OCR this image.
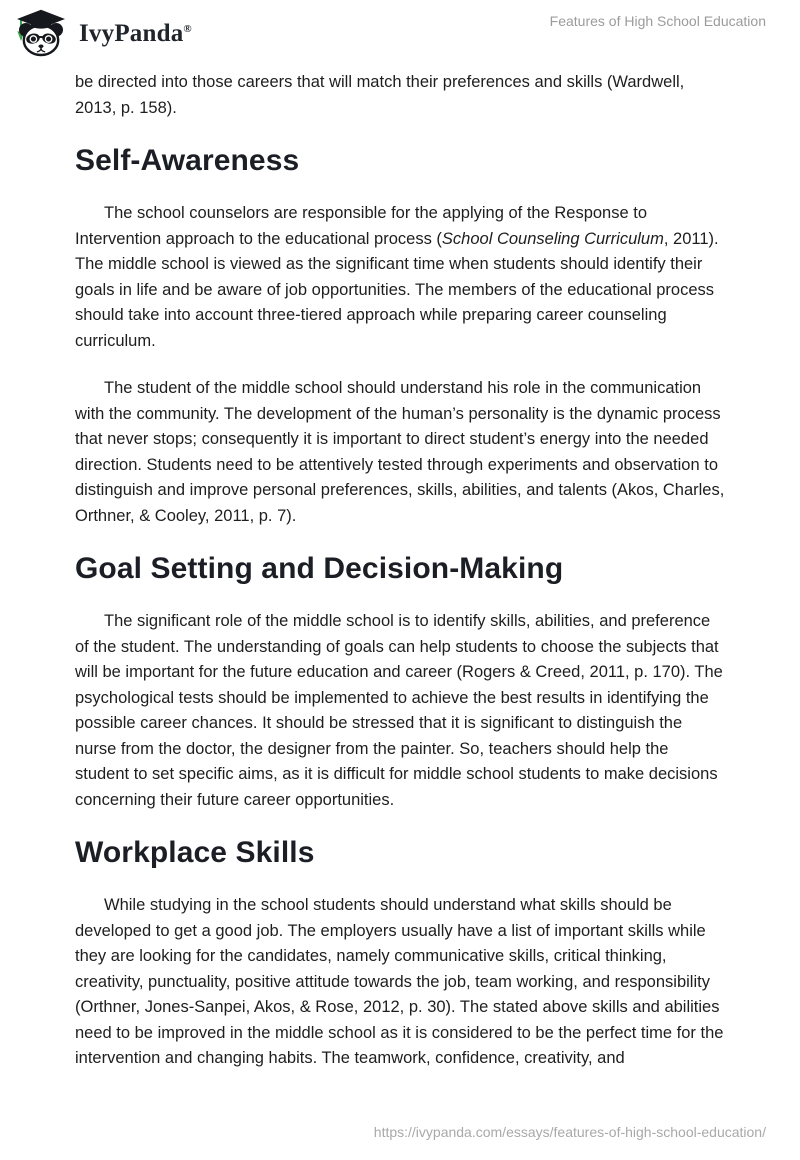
IvyPanda®	Features of High School Education

be directed into those careers that will match their preferences and skills (Wardwell, 2013, p. 158).

Self-Awareness

The school counselors are responsible for the applying of the Response to Intervention approach to the educational process (School Counseling Curriculum, 2011). The middle school is viewed as the significant time when students should identify their goals in life and be aware of job opportunities. The members of the educational process should take into account three-tiered approach while preparing career counseling curriculum.

The student of the middle school should understand his role in the communication with the community. The development of the human’s personality is the dynamic process that never stops; consequently it is important to direct student’s energy into the needed direction. Students need to be attentively tested through experiments and observation to distinguish and improve personal preferences, skills, abilities, and talents (Akos, Charles, Orthner, & Cooley, 2011, p. 7).

Goal Setting and Decision-Making

The significant role of the middle school is to identify skills, abilities, and preference of the student. The understanding of goals can help students to choose the subjects that will be important for the future education and career (Rogers & Creed, 2011, p. 170). The psychological tests should be implemented to achieve the best results in identifying the possible career chances. It should be stressed that it is significant to distinguish the nurse from the doctor, the designer from the painter. So, teachers should help the student to set specific aims, as it is difficult for middle school students to make decisions concerning their future career opportunities.

Workplace Skills

While studying in the school students should understand what skills should be developed to get a good job. The employers usually have a list of important skills while they are looking for the candidates, namely communicative skills, critical thinking, creativity, punctuality, positive attitude towards the job, team working, and responsibility (Orthner, Jones-Sanpei, Akos, & Rose, 2012, p. 30). The stated above skills and abilities need to be improved in the middle school as it is considered to be the perfect time for the intervention and changing habits. The teamwork, confidence, creativity, and

https://ivypanda.com/essays/features-of-high-school-education/
